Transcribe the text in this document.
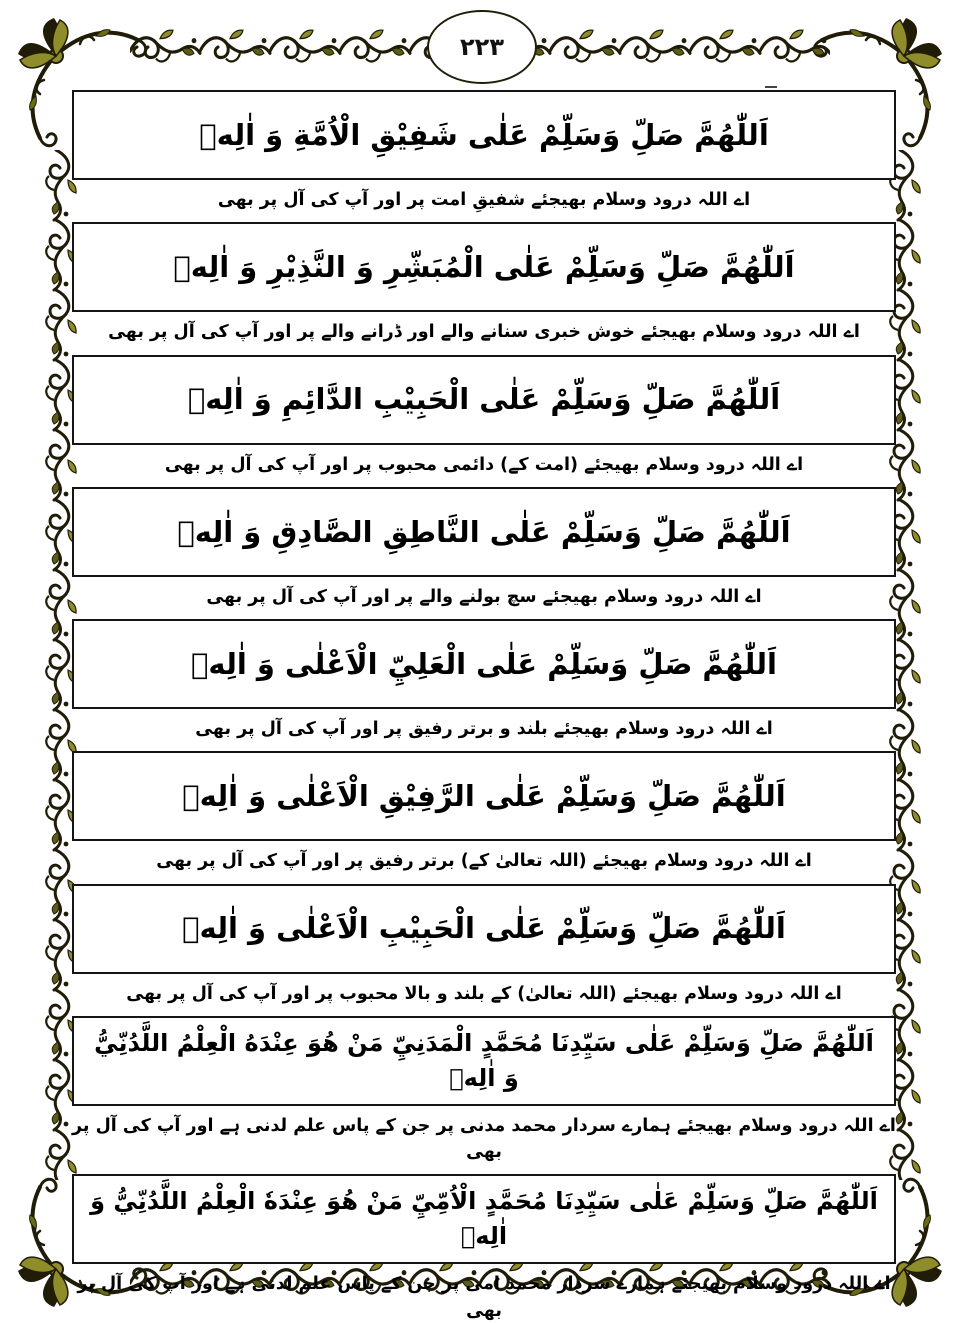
۲۲۳

اَللّٰهُمَّ صَلِّ وَسَلِّمْ عَلٰى شَفِيْقِ الْاُمَّةِ وَ اٰلِهٖ

اے اللہ درود وسلام بھیجئے شفیقِ امت پر اور آپ کی آل پر بھی

اَللّٰهُمَّ صَلِّ وَسَلِّمْ عَلٰى الْمُبَشِّرِ وَ النَّذِيْرِ وَ اٰلِهٖ

اے اللہ درود وسلام بھیجئے خوش خبری سنانے والے اور ڈرانے والے پر اور آپ کی آل پر بھی

اَللّٰهُمَّ صَلِّ وَسَلِّمْ عَلٰى الْحَبِيْبِ الدَّائِمِ وَ اٰلِهٖ

اے اللہ درود وسلام بھیجئے (امت کے) دائمی محبوب پر اور آپ کی آل پر بھی

اَللّٰهُمَّ صَلِّ وَسَلِّمْ عَلٰى النَّاطِقِ الصَّادِقِ وَ اٰلِهٖ

اے اللہ درود وسلام بھیجئے سچ بولنے والے پر اور آپ کی آل پر بھی

اَللّٰهُمَّ صَلِّ وَسَلِّمْ عَلٰى الْعَلِيِّ الْاَعْلٰى وَ اٰلِهٖ

اے اللہ درود وسلام بھیجئے بلند و برتر رفیق پر اور آپ کی آل پر بھی

اَللّٰهُمَّ صَلِّ وَسَلِّمْ عَلٰى الرَّفِيْقِ الْاَعْلٰى وَ اٰلِهٖ

اے اللہ درود وسلام بھیجئے (اللہ تعالیٰ کے) برتر رفیق پر اور آپ کی آل پر بھی

اَللّٰهُمَّ صَلِّ وَسَلِّمْ عَلٰى الْحَبِيْبِ الْاَعْلٰى وَ اٰلِهٖ

اے اللہ درود وسلام بھیجئے (اللہ تعالیٰ) کے بلند و بالا محبوب پر اور آپ کی آل پر بھی

اَللّٰهُمَّ صَلِّ وَسَلِّمْ عَلٰى سَيِّدِنَا مُحَمَّدٍ الْمَدَنِيِّ مَنْ هُوَ عِنْدَهُ الْعِلْمُ اللَّدُنِّيُّ وَ اٰلِهٖ

اے اللہ درود وسلام بھیجئے ہمارے سردار محمد مدنی پر جن کے پاس علم لدنی ہے اور آپ کی آل پر بھی

اَللّٰهُمَّ صَلِّ وَسَلِّمْ عَلٰى سَيِّدِنَا مُحَمَّدٍ الْاُمِّيِّ مَنْ هُوَ عِنْدَهٗ الْعِلْمُ اللَّدُنِّيُّ وَ اٰلِهٖ

اے اللہ درود وسلام بھیجئے ہمارے سردار محمد امی پر جن کے پاس علم لدنی ہے اور آپ کی آل پر بھی
